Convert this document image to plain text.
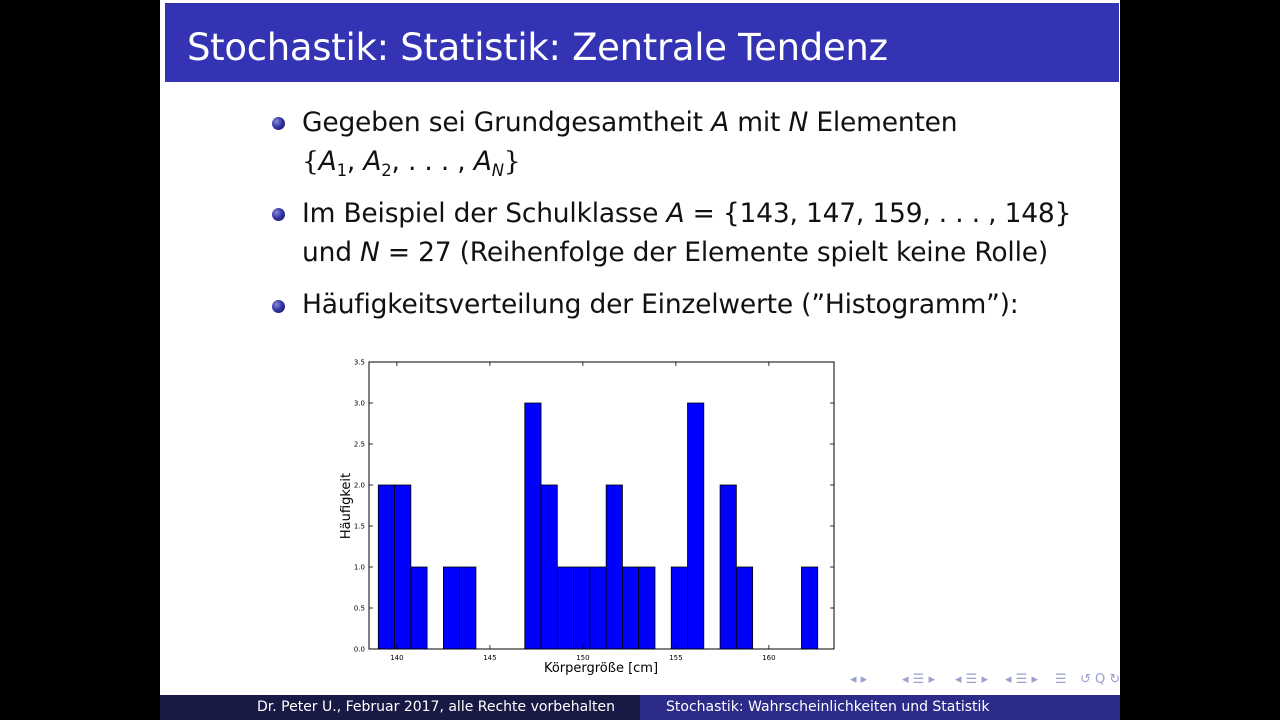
Stochastik: Statistik: Zentrale Tendenz
Gegeben sei Grundgesamtheit A mit N Elementen
{$A_1$, $A_2$, . . . , $A_N$}
Im Beispiel der Schulklasse A = {143, 147, 159, . . . , 148}
und N = 27 (Reihenfolge der Elemente spielt keine Rolle)
Häufigkeitsverteilung der Einzelwerte (”Histogramm”):
0.0
0.5
1.0
1.5
2.0
2.5
3.0
3.5
140	145	150	155	160
Körpergröße [cm]
Häufigkeit
◂ ▸	◂ ☰ ▸ ◂ ☰ ▸ ◂ ☰ ▸ ☰ ↺ Q ↻
Dr. Peter U., Februar 2017, alle Rechte vorbehalten	Stochastik: Wahrscheinlichkeiten und Statistik
